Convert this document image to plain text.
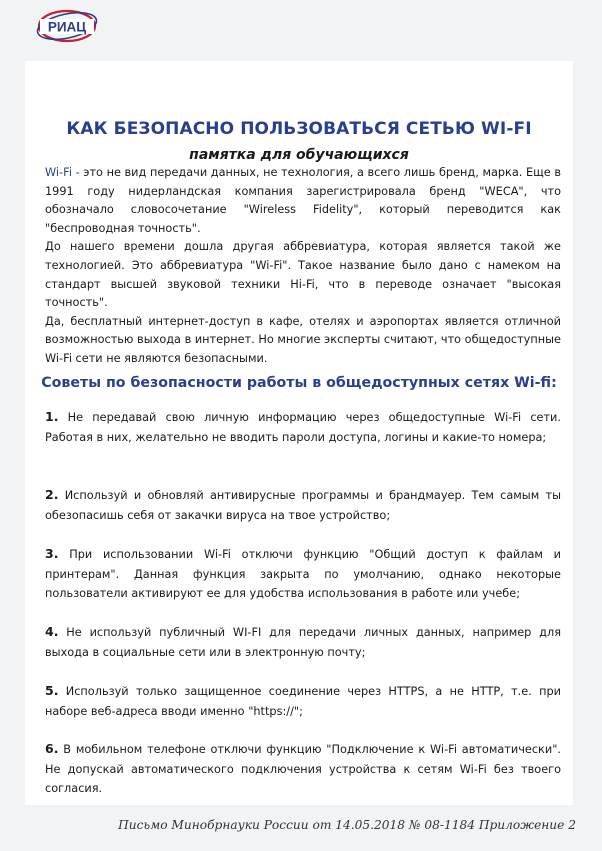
РИАЦ
КАК БЕЗОПАСНО ПОЛЬЗОВАТЬСЯ СЕТЬЮ WI-FI
памятка для обучающихся

Wi-Fi - это не вид передачи данных, не технология, а всего лишь бренд, марка. Еще в 1991 году нидерландская компания зарегистрировала бренд "WECA", что обозначало словосочетание "Wireless Fidelity", который переводится как "беспроводная точность".

До нашего времени дошла другая аббревиатура, которая является такой же технологией. Это аббревиатура "Wi-Fi". Такое название было дано с намеком на стандарт высшей звуковой техники Hi-Fi, что в переводе означает "высокая точность".

Да, бесплатный интернет-доступ в кафе, отелях и аэропортах является отличной возможностью выхода в интернет. Но многие эксперты считают, что общедоступные Wi-Fi сети не являются безопасными.

Советы по безопасности работы в общедоступных сетях Wi-fi:
1. Не передавай свою личную информацию через общедоступные Wi-Fi сети. Работая в них, желательно не вводить пароли доступа, логины и какие-то номера;
2. Используй и обновляй антивирусные программы и брандмауер. Тем самым ты обезопасишь себя от закачки вируса на твое устройство;
3. При использовании Wi-Fi отключи функцию "Общий доступ к файлам и принтерам". Данная функция закрыта по умолчанию, однако некоторые пользователи активируют ее для удобства использования в работе или учебе;
4. Не используй публичный WI-FI для передачи личных данных, например для выхода в социальные сети или в электронную почту;
5. Используй только защищенное соединение через HTTPS, а не HTTP, т.е. при наборе веб-адреса вводи именно "https://";
6. В мобильном телефоне отключи функцию "Подключение к Wi-Fi автоматически". Не допускай автоматического подключения устройства к сетям Wi-Fi без твоего согласия.
Письмо Минобрнауки России от 14.05.2018 № 08-1184 Приложение 2
